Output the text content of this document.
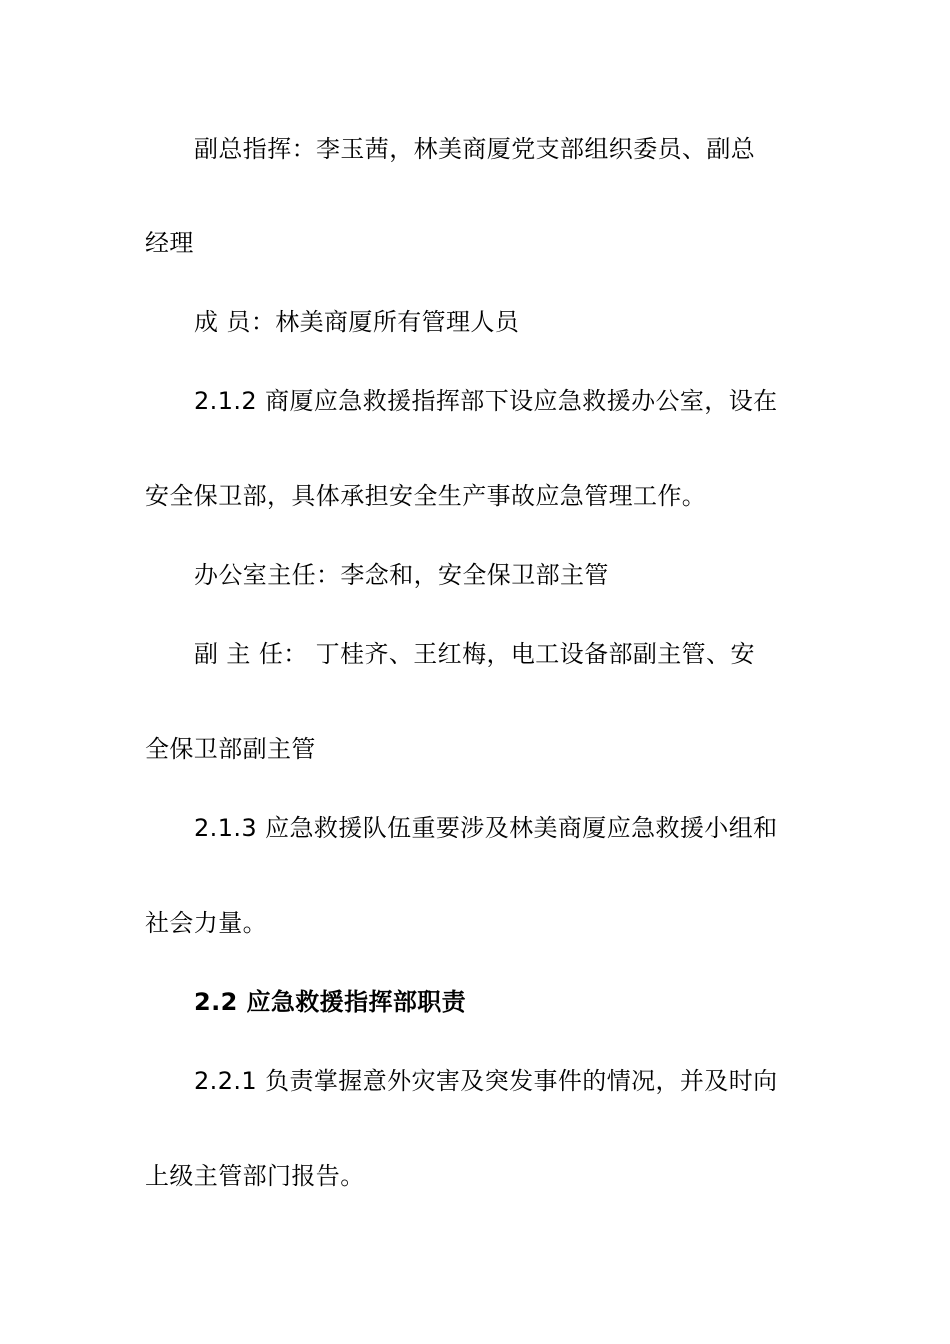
副总指挥：李玉茜，林美商厦党支部组织委员、副总
经理
成 员：林美商厦所有管理人员
2.1.2 商厦应急救援指挥部下设应急救援办公室，设在
安全保卫部，具体承担安全生产事故应急管理工作。
办公室主任：李念和，安全保卫部主管
副 主 任： 丁桂齐、王红梅，电工设备部副主管、安
全保卫部副主管
2.1.3 应急救援队伍重要涉及林美商厦应急救援小组和
社会力量。
2.2 应急救援指挥部职责
2.2.1 负责掌握意外灾害及突发事件的情况，并及时向
上级主管部门报告。
